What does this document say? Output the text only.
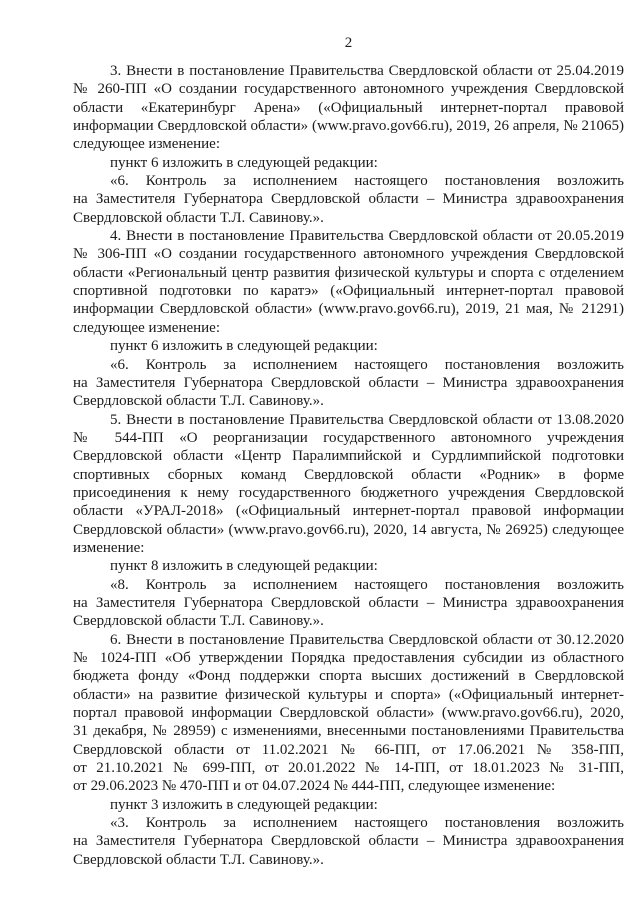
2

3. Внести в постановление Правительства Свердловской области от 25.04.2019 № 260-ПП «О создании государственного автономного учреждения Свердловской области «Екатеринбург Арена» («Официальный интернет-портал правовой информации Свердловской области» (www.pravo.gov66.ru), 2019, 26 апреля, № 21065) следующее изменение:

пункт 6 изложить в следующей редакции:

«6. Контроль за исполнением настоящего постановления возложить на Заместителя Губернатора Свердловской области – Министра здравоохранения Свердловской области Т.Л. Савинову.».

4. Внести в постановление Правительства Свердловской области от 20.05.2019 № 306-ПП «О создании государственного автономного учреждения Свердловской области «Региональный центр развития физической культуры и спорта с отделением спортивной подготовки по каратэ» («Официальный интернет-портал правовой информации Свердловской области» (www.pravo.gov66.ru), 2019, 21 мая, № 21291) следующее изменение:

пункт 6 изложить в следующей редакции:

«6. Контроль за исполнением настоящего постановления возложить на Заместителя Губернатора Свердловской области – Министра здравоохранения Свердловской области Т.Л. Савинову.».

5. Внести в постановление Правительства Свердловской области от 13.08.2020 № 544-ПП «О реорганизации государственного автономного учреждения Свердловской области «Центр Паралимпийской и Сурдлимпийской подготовки спортивных сборных команд Свердловской области «Родник» в форме присоединения к нему государственного бюджетного учреждения Свердловской области «УРАЛ-2018» («Официальный интернет-портал правовой информации Свердловской области» (www.pravo.gov66.ru), 2020, 14 августа, № 26925) следующее изменение:

пункт 8 изложить в следующей редакции:

«8. Контроль за исполнением настоящего постановления возложить на Заместителя Губернатора Свердловской области – Министра здравоохранения Свердловской области Т.Л. Савинову.».

6. Внести в постановление Правительства Свердловской области от 30.12.2020 № 1024-ПП «Об утверждении Порядка предоставления субсидии из областного бюджета фонду «Фонд поддержки спорта высших достижений в Свердловской области» на развитие физической культуры и спорта» («Официальный интернет-портал правовой информации Свердловской области» (www.pravo.gov66.ru), 2020, 31 декабря, № 28959) с изменениями, внесенными постановлениями Правительства Свердловской области от 11.02.2021 № 66-ПП, от 17.06.2021 № 358-ПП, от 21.10.2021 № 699-ПП, от 20.01.2022 № 14-ПП, от 18.01.2023 № 31-ПП, от 29.06.2023 № 470-ПП и от 04.07.2024 № 444-ПП, следующее изменение:

пункт 3 изложить в следующей редакции:

«3. Контроль за исполнением настоящего постановления возложить на Заместителя Губернатора Свердловской области – Министра здравоохранения Свердловской области Т.Л. Савинову.».
